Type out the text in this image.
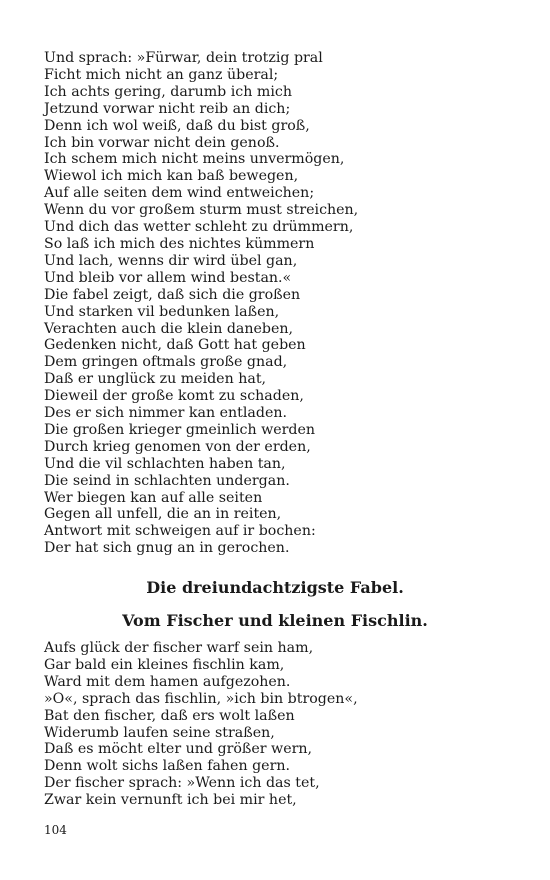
Und sprach: »Fürwar, dein trotzig pral
Ficht mich nicht an ganz überal;
Ich achts gering, darumb ich mich
Jetzund vorwar nicht reib an dich;
Denn ich wol weiß, daß du bist groß,
Ich bin vorwar nicht dein genoß.
Ich schem mich nicht meins unvermögen,
Wiewol ich mich kan baß bewegen,
Auf alle seiten dem wind entweichen;
Wenn du vor großem sturm must streichen,
Und dich das wetter schleht zu drümmern,
So laß ich mich des nichtes kümmern
Und lach, wenns dir wird übel gan,
Und bleib vor allem wind bestan.«
Die fabel zeigt, daß sich die großen
Und starken vil bedunken laßen,
Verachten auch die klein daneben,
Gedenken nicht, daß Gott hat geben
Dem gringen oftmals große gnad,
Daß er unglück zu meiden hat,
Dieweil der große komt zu schaden,
Des er sich nimmer kan entladen.
Die großen krieger gmeinlich werden
Durch krieg genomen von der erden,
Und die vil schlachten haben tan,
Die seind in schlachten undergan.
Wer biegen kan auf alle seiten
Gegen all unfell, die an in reiten,
Antwort mit schweigen auf ir bochen:
Der hat sich gnug an in gerochen.
Die dreiundachtzigste Fabel.
Vom Fischer und kleinen Fischlin.
Aufs glück der fischer warf sein ham,
Gar bald ein kleines fischlin kam,
Ward mit dem hamen aufgezohen.
»O«, sprach das fischlin, »ich bin btrogen«,
Bat den fischer, daß ers wolt laßen
Widerumb laufen seine straßen,
Daß es möcht elter und größer wern,
Denn wolt sichs laßen fahen gern.
Der fischer sprach: »Wenn ich das tet,
Zwar kein vernunft ich bei mir het,
104
